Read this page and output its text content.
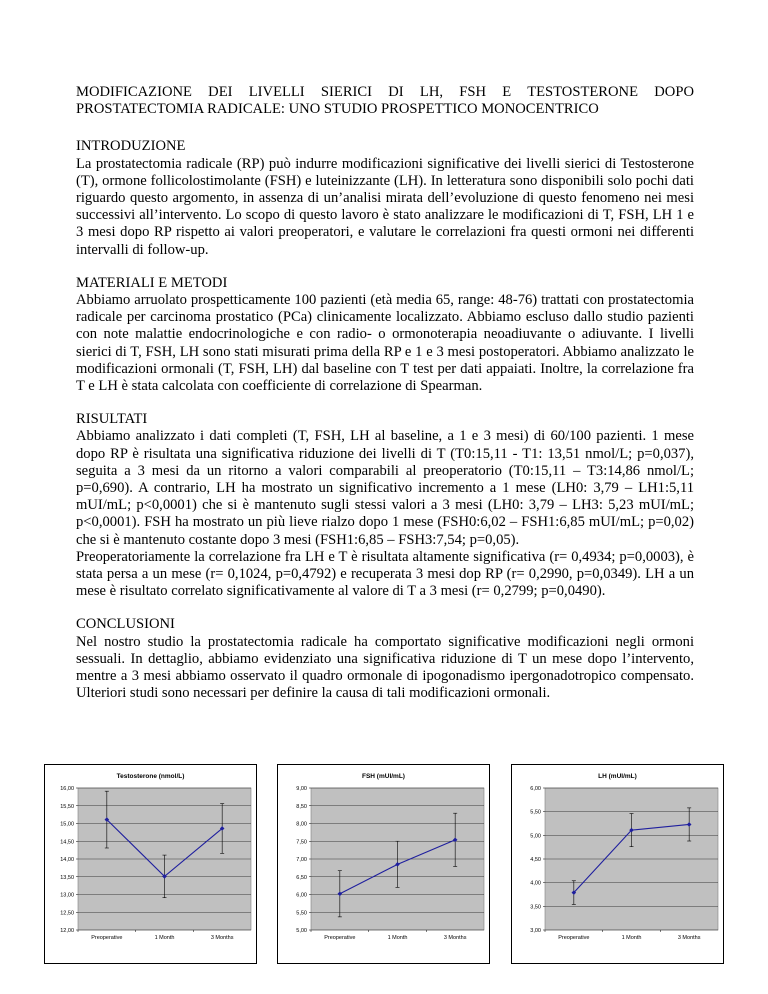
MODIFICAZIONE DEI LIVELLI SIERICI DI LH, FSH E TESTOSTERONE DOPO PROSTATECTOMIA RADICALE: UNO STUDIO PROSPETTICO MONOCENTRICO

INTRODUZIONE

La prostatectomia radicale (RP) può indurre modificazioni significative dei livelli sierici di Testosterone (T), ormone follicolostimolante (FSH) e luteinizzante (LH). In letteratura sono disponibili solo pochi dati riguardo questo argomento, in assenza di un’analisi mirata dell’evoluzione di questo fenomeno nei mesi successivi all’intervento. Lo scopo di questo lavoro è stato analizzare le modificazioni di T, FSH, LH 1 e 3 mesi dopo RP rispetto ai valori preoperatori, e valutare le correlazioni fra questi ormoni nei differenti intervalli di follow-up.

MATERIALI E METODI

Abbiamo arruolato prospetticamente 100 pazienti (età media 65, range: 48-76) trattati con prostatectomia radicale per carcinoma prostatico (PCa) clinicamente localizzato. Abbiamo escluso dallo studio pazienti con note malattie endocrinologiche e con radio- o ormonoterapia neoadiuvante o adiuvante. I livelli sierici di T, FSH, LH sono stati misurati prima della RP e 1 e 3 mesi postoperatori. Abbiamo analizzato le modificazioni ormonali (T, FSH, LH) dal baseline con T test per dati appaiati. Inoltre, la correlazione fra T e LH è stata calcolata con coefficiente di correlazione di Spearman.

RISULTATI

Abbiamo analizzato i dati completi (T, FSH, LH al baseline, a 1 e 3 mesi) di 60/100 pazienti. 1 mese dopo RP è risultata una significativa riduzione dei livelli di T (T0:15,11 - T1: 13,51 nmol/L; p=0,037), seguita a 3 mesi da un ritorno a valori comparabili al preoperatorio (T0:15,11 – T3:14,86 nmol/L; p=0,690). A contrario, LH ha mostrato un significativo incremento a 1 mese (LH0: 3,79 – LH1:5,11 mUI/mL; p<0,0001) che si è mantenuto sugli stessi valori a 3 mesi (LH0: 3,79 – LH3: 5,23 mUI/mL; p<0,0001). FSH ha mostrato un più lieve rialzo dopo 1 mese (FSH0:6,02 – FSH1:6,85 mUI/mL; p=0,02) che si è mantenuto costante dopo 3 mesi (FSH1:6,85 – FSH3:7,54; p=0,05).

Preoperatoriamente la correlazione fra LH e T è risultata altamente significativa (r= 0,4934; p=0,0003), è stata persa a un mese (r= 0,1024, p=0,4792) e recuperata 3 mesi dop RP (r= 0,2990, p=0,0349). LH a un mese è risultato correlato significativamente al valore di T a 3 mesi (r= 0,2799; p=0,0490).

CONCLUSIONI

Nel nostro studio la prostatectomia radicale ha comportato significative modificazioni negli ormoni sessuali. In dettaglio, abbiamo evidenziato una significativa riduzione di T un mese dopo l’intervento, mentre a 3 mesi abbiamo osservato il quadro ormonale di ipogonadismo ipergonadotropico compensato. Ulteriori studi sono necessari per definire la causa di tali modificazioni ormonali.

Testosterone (nmol/L)
12,00
12,50
13,00
13,50
14,00
14,50
15,00
15,50
16,00
Preoperative	1 Month	3 Months
FSH (mUI/mL)
5,00
5,50
6,00
6,50
7,00
7,50
8,00
8,50
9,00
Preoperative	1 Month	3 Months
LH (mUI/mL)
3,00
3,50
4,00
4,50
5,00
5,50
6,00
Preoperative	1 Month	3 Months
